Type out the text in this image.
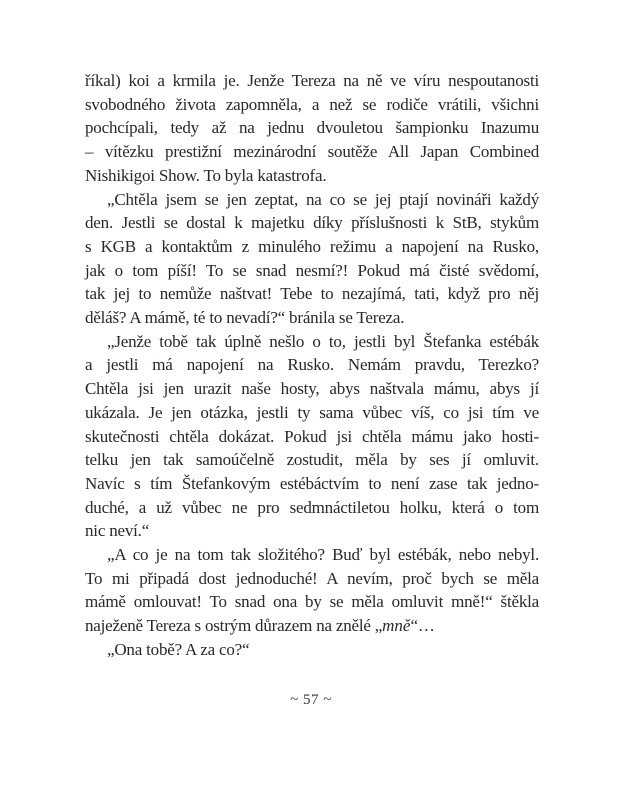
říkal) koi a krmila je. Jenže Tereza na ně ve víru nespoutanosti
svobodného života zapomněla, a než se rodiče vrátili, všichni
pochcípali, tedy až na jednu dvouletou šampionku Inazumu
– vítězku prestižní mezinárodní soutěže All Japan Combined
Nishikigoi Show. To byla katastrofa.
„Chtěla jsem se jen zeptat, na co se jej ptají novináři každý
den. Jestli se dostal k majetku díky příslušnosti k StB, stykům
s KGB a kontaktům z minulého režimu a napojení na Rusko,
jak o tom píší! To se snad nesmí?! Pokud má čisté svědomí,
tak jej to nemůže naštvat! Tebe to nezajímá, tati, když pro něj
děláš? A mámě, té to nevadí?“ bránila se Tereza.
„Jenže tobě tak úplně nešlo o to, jestli byl Štefanka estébák
a jestli má napojení na Rusko. Nemám pravdu, Terezko?
Chtěla jsi jen urazit naše hosty, abys naštvala mámu, abys jí
ukázala. Je jen otázka, jestli ty sama vůbec víš, co jsi tím ve
skutečnosti chtěla dokázat. Pokud jsi chtěla mámu jako hosti-
telku jen tak samoúčelně zostudit, měla by ses jí omluvit.
Navíc s tím Štefankovým estébáctvím to není zase tak jedno-
duché, a už vůbec ne pro sedmnáctiletou holku, která o tom
nic neví.“
„A co je na tom tak složitého? Buď byl estébák, nebo nebyl.
To mi připadá dost jednoduché! A nevím, proč bych se měla
mámě omlouvat! To snad ona by se měla omluvit mně!“ štěkla
naježeně Tereza s ostrým důrazem na znělé „mně“…
„Ona tobě? A za co?“
~ 57 ~
